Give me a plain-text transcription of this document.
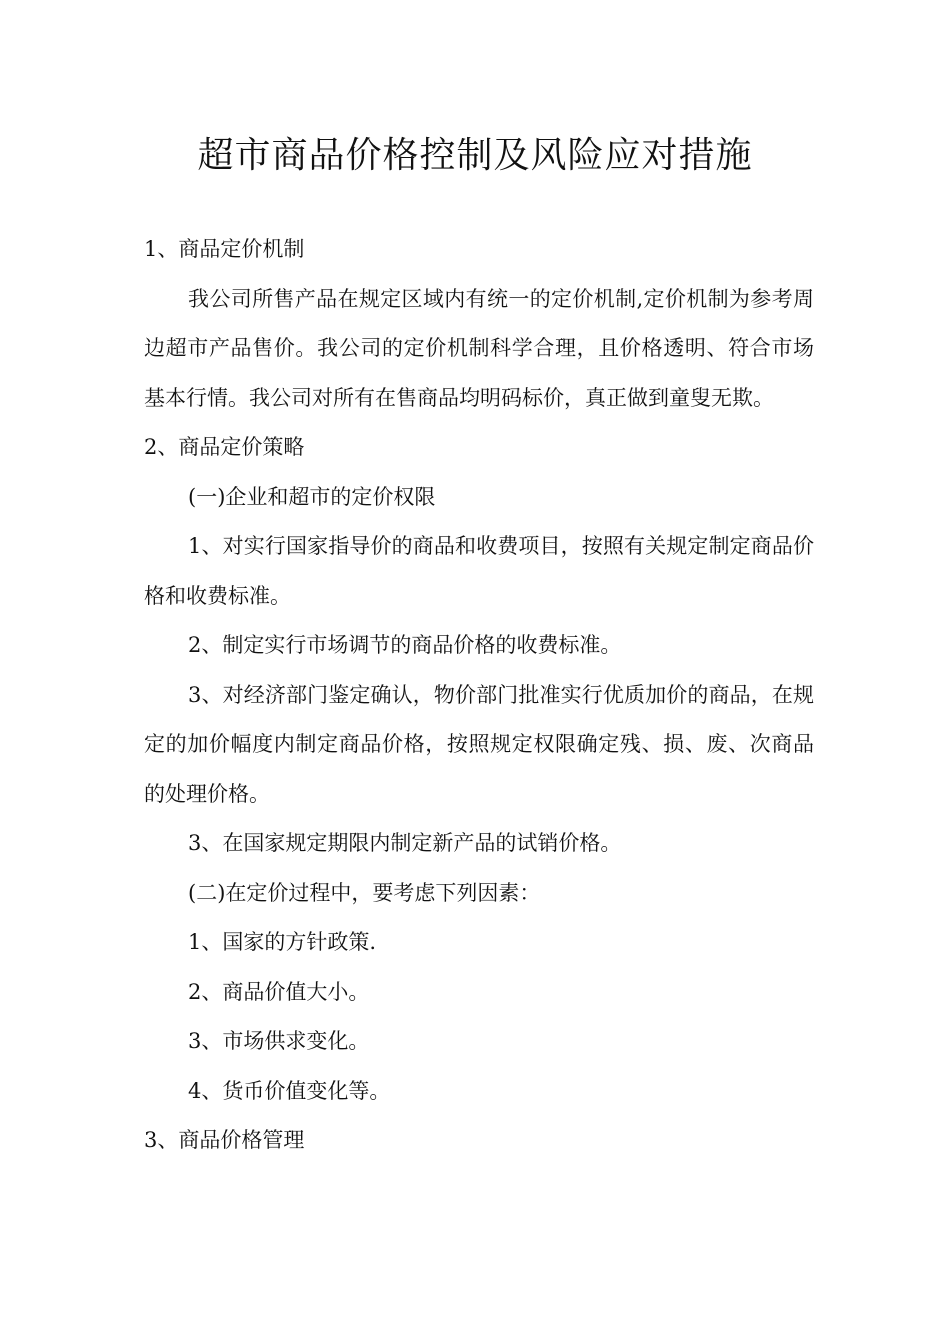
超市商品价格控制及风险应对措施

1、商品定价机制

我公司所售产品在规定区域内有统一的定价机制,定价机制为参考周边超市产品售价。我公司的定价机制科学合理，且价格透明、符合市场基本行情。我公司对所有在售商品均明码标价，真正做到童叟无欺。

2、商品定价策略

(一)企业和超市的定价权限

1、对实行国家指导价的商品和收费项目，按照有关规定制定商品价格和收费标准。

2、制定实行市场调节的商品价格的收费标准。

3、对经济部门鉴定确认，物价部门批准实行优质加价的商品，在规定的加价幅度内制定商品价格，按照规定权限确定残、损、废、次商品的处理价格。

3、在国家规定期限内制定新产品的试销价格。

(二)在定价过程中，要考虑下列因素：

1、国家的方针政策.

2、商品价值大小。

3、市场供求变化。

4、货币价值变化等。

3、商品价格管理
